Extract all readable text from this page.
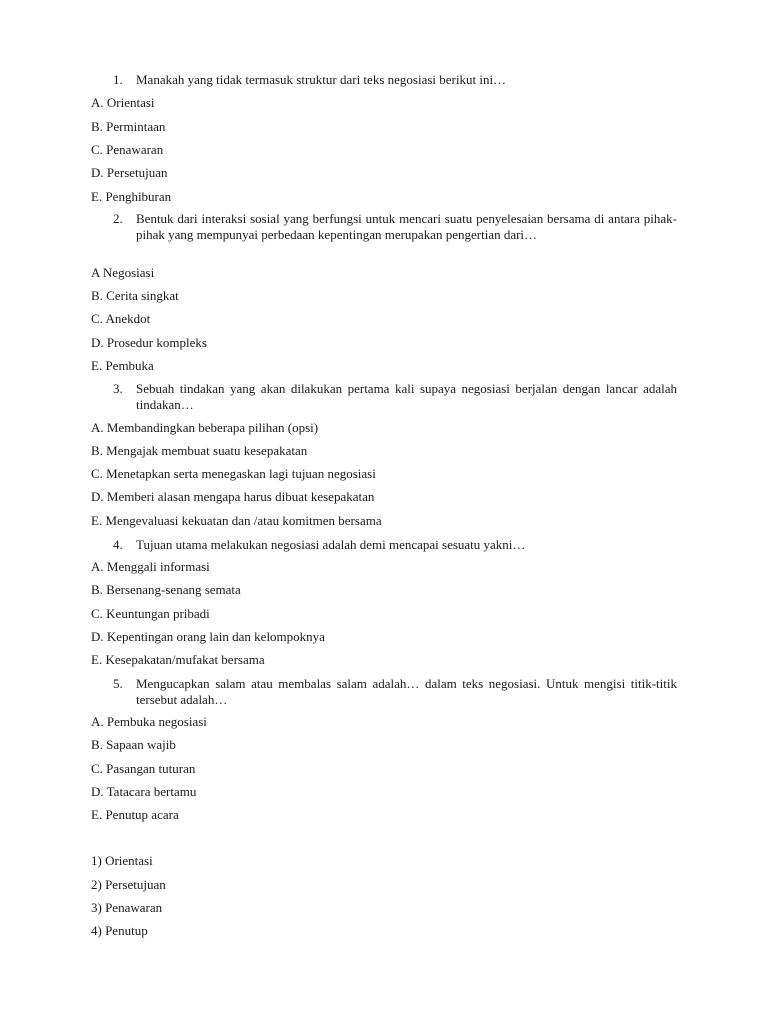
1. Manakah yang tidak termasuk struktur dari teks negosiasi berikut ini…
A. Orientasi
B. Permintaan
C. Penawaran
D. Persetujuan
E. Penghiburan
2. Bentuk dari interaksi sosial yang berfungsi untuk mencari suatu penyelesaian bersama di antara pihak-pihak yang mempunyai perbedaan kepentingan merupakan pengertian dari…
A Negosiasi
B. Cerita singkat
C. Anekdot
D. Prosedur kompleks
E. Pembuka
3. Sebuah tindakan yang akan dilakukan pertama kali supaya negosiasi berjalan dengan lancar adalah tindakan…
A. Membandingkan beberapa pilihan (opsi)
B. Mengajak membuat suatu kesepakatan
C. Menetapkan serta menegaskan lagi tujuan negosiasi
D. Memberi alasan mengapa harus dibuat kesepakatan
E. Mengevaluasi kekuatan dan /atau komitmen bersama
4. Tujuan utama melakukan negosiasi adalah demi mencapai sesuatu yakni…
A. Menggali informasi
B. Bersenang-senang semata
C. Keuntungan pribadi
D. Kepentingan orang lain dan kelompoknya
E. Kesepakatan/mufakat bersama
5. Mengucapkan salam atau membalas salam adalah… dalam teks negosiasi. Untuk mengisi titik-titik tersebut adalah…
A. Pembuka negosiasi
B. Sapaan wajib
C. Pasangan tuturan
D. Tatacara bertamu
E. Penutup acara
1) Orientasi
2) Persetujuan
3) Penawaran
4) Penutup
